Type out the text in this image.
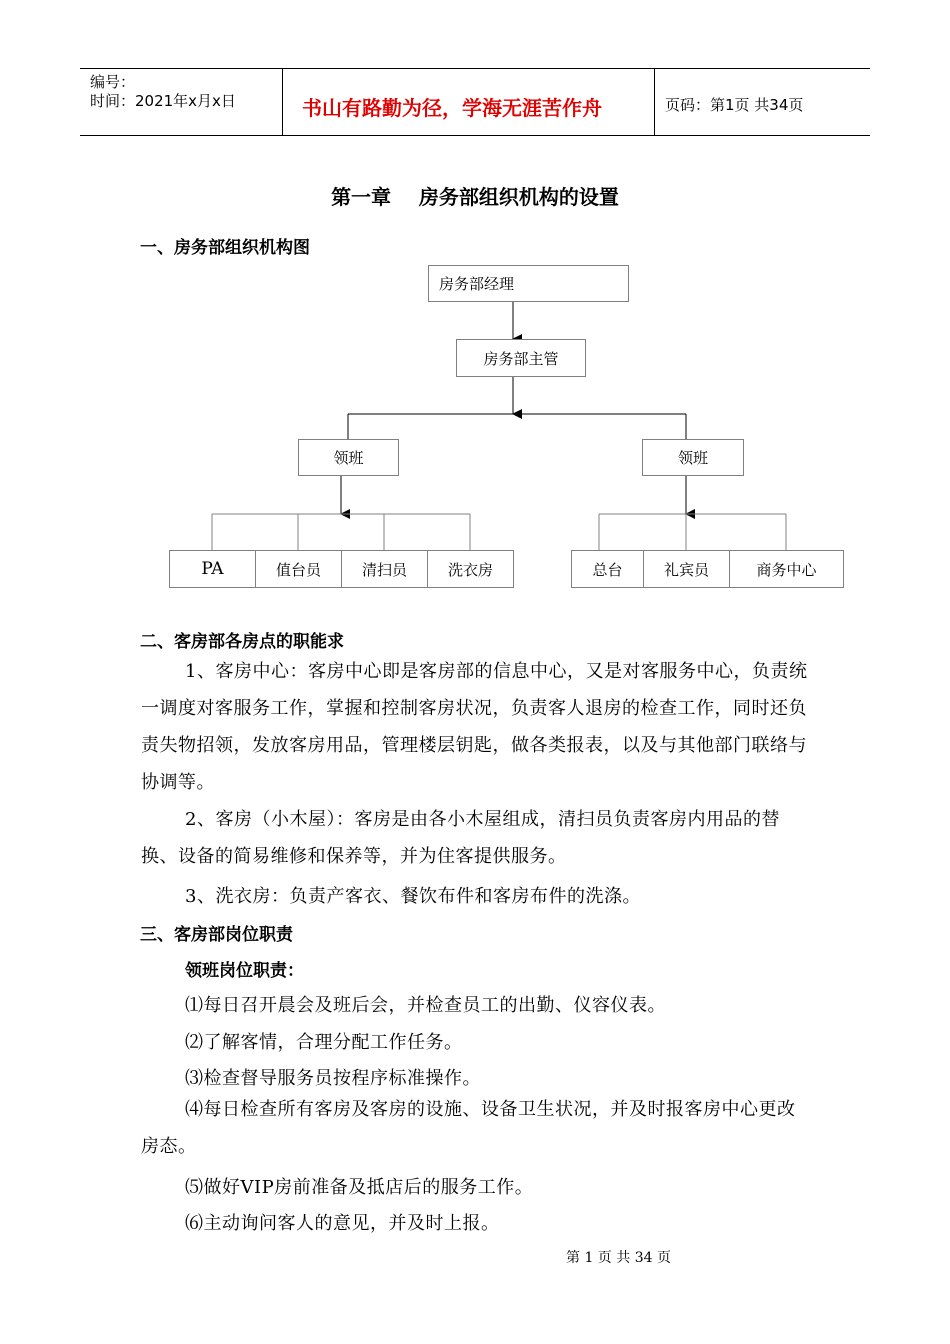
编号：
时间：2021年x月x日	书山有路勤为径，学海无涯苦作舟	页码：第1页 共34页
第一章    房务部组织机构的设置
一、房务部组织机构图
房务部经理
房务部主管
领班	领班
PA	值台员	清扫员	洗衣房	总台	礼宾员	商务中心
二、客房部各房点的职能求
1、客房中心：客房中心即是客房部的信息中心，又是对客服务中心，负责统一调度对客服务工作，掌握和控制客房状况，负责客人退房的检查工作，同时还负责失物招领，发放客房用品，管理楼层钥匙，做各类报表，以及与其他部门联络与协调等。
2、客房（小木屋）：客房是由各小木屋组成，清扫员负责客房内用品的替换、设备的简易维修和保养等，并为住客提供服务。
3、洗衣房：负责产客衣、餐饮布件和客房布件的洗涤。
三、客房部岗位职责
领班岗位职责：
⑴每日召开晨会及班后会，并检查员工的出勤、仪容仪表。
⑵了解客情，合理分配工作任务。
⑶检查督导服务员按程序标准操作。
⑷每日检查所有客房及客房的设施、设备卫生状况，并及时报客房中心更改房态。
⑸做好VIP房前准备及抵店后的服务工作。
⑹主动询问客人的意见，并及时上报。
第 1 页 共 34 页
